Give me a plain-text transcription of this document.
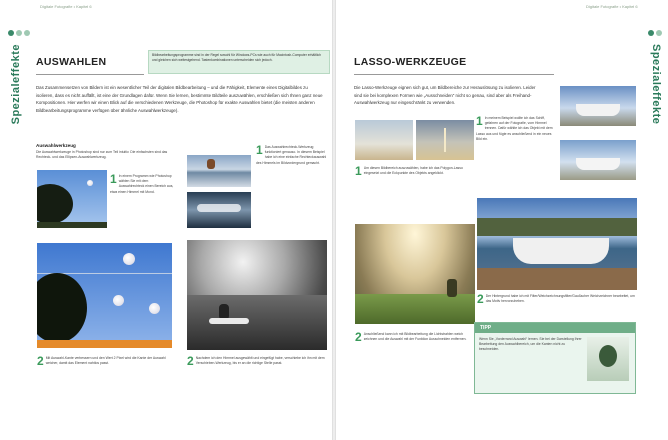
Digitale Fotografie • Kapitel 6
Spezialeffekte AUSWAHLEN
Bildbearbeitungsprogramme sind in der Regel sowohl für Windows-PCs wie auch für Macintosh-Computer erhältlich und gleichen sich weitestgehend. Tastenkombinationen unterscheiden sich jedoch.
Das Zusammensetzen von Bildern ist ein wesentlicher Teil der digitalen Bildbearbeitung – und die Fähigkeit, Elemente eines Digitalbildes zu isolieren, dass es nicht auffällt, ist eine der Grundlagen dafür. Wenn Sie lernen, bestimmte Bildteile auszuwählen, erschließen sich Ihnen ganz neue Kompositionen. Hier werfen wir einen Blick auf die verschiedenen Werkzeuge, die Photoshop für exakte Auswahlen bietet (die meisten anderen Bildbearbeitungsprogramme verfügen über ähnliche Auswahlwerkzeuge).
Auswahlwerkzeug
Die Auswahlwerkzeuge in Photoshop sind nur zum Teil intuitiv. Die einfachsten sind das Rechteck- und das Ellipsen-Auswahlwerkzeug.
1 In einem Programm wie Photoshop wählen Sie mit dem Auswahlrechteck einen Bereich aus, etwa einen Himmel mit Mond.
2 Mit Auswahl-Kante verbessern und den Wert 2 Pixel wird die Kante der Auswahl weicher, damit das Element nahtlos passt.
1 Das Auswahlrechteck-Werkzeug funktioniert genauso. In diesem Beispiel habe ich eine einfache Rechteckauswahl des Himmels im Bildvordergrund gemacht.
2 Nachdem ich den Himmel ausgewählt und eingefügt habe, verschiebe ich ihn mit dem Verschieben-Werkzeug, bis er an die richtige Stelle passt.
Digitale Fotografie • Kapitel 6
Spezialeffekte
LASSO-WERKZEUGE
Die Lasso-Werkzeuge eignen sich gut, um Bildbereiche zur Herauslösung zu isolieren. Leider sind sie bei komplexen Formen wie „Ausschneiden“ nicht so genau, sind aber als Freihand-Auswahlwerkzeug nur eingeschränkt zu verwenden.
1 Um diesen Bildbereich auszuwählen, habe ich das Polygon-Lasso eingesetzt und die Eckpunkte des Objekts angeklickt.
2 Anschließend kann ich mit Bildbearbeitung die Lichtstrahlen weich zeichnen und die Auswahl mit der Funktion Ausschneiden entfernen.
1 In meinem Beispiel wollte ich das Schiff, gefahren auf der Fotografie, vom Himmel trennen. Dafür wählte ich das Objekt mit dem Lasso aus und fügte es anschließend in ein neues Bild ein.
2 Der Hintergrund habe ich mit Filter/Weichzeichnungsfilter/Gaußscher Weichzeichner bearbeitet, um das Motiv hervorzuheben.
TIPP
Wenn Sie „Vorderrand Auswahl“ lernen. Sie bei der Darstellung Ihrer Bearbeitung den Auswahlbereich, um die Kanten nicht zu beschneiden.
